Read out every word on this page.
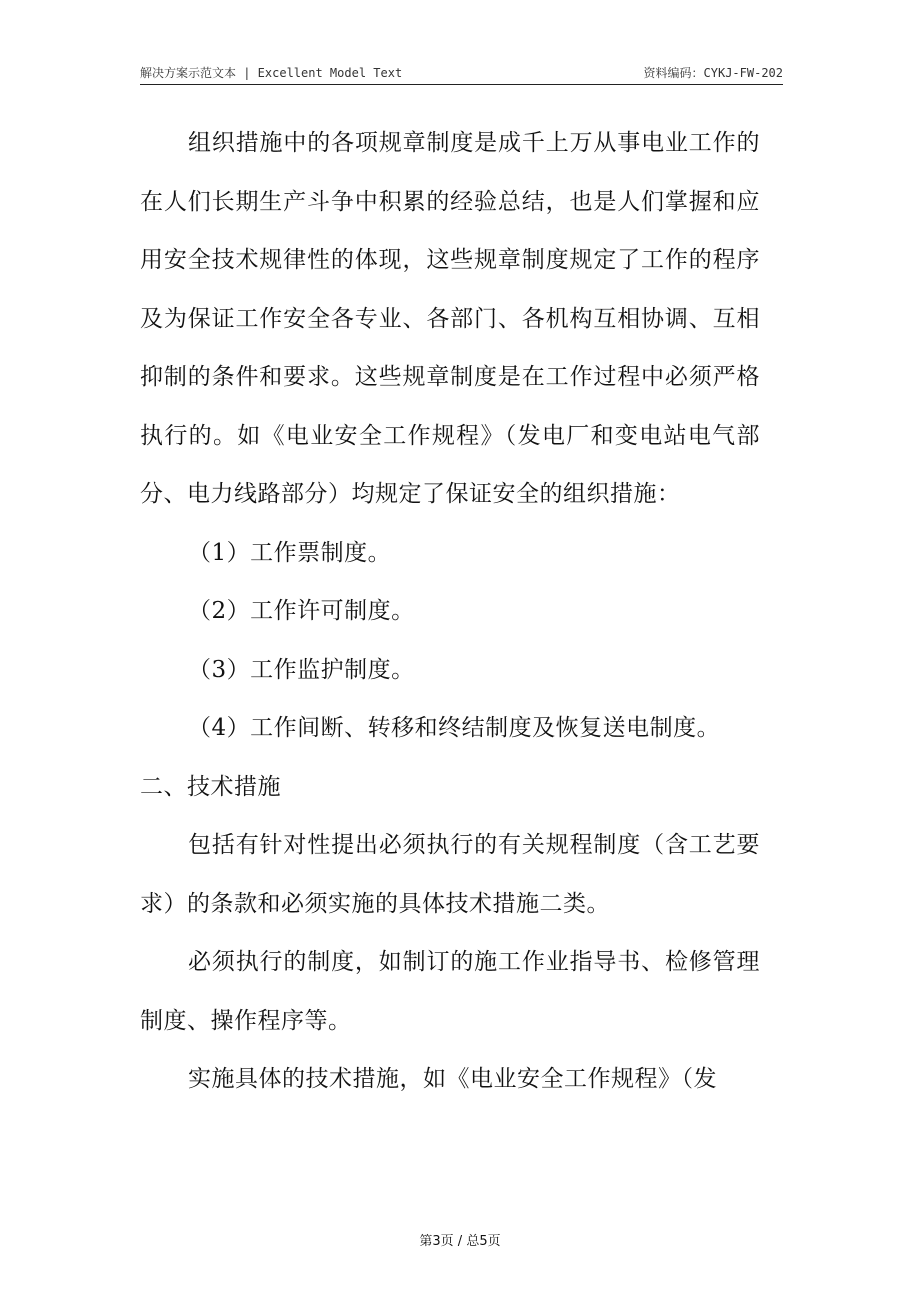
解决方案示范文本 | Excellent Model Text	资料编码：CYKJ-FW-202

组织措施中的各项规章制度是成千上万从事电业工作的在人们长期生产斗争中积累的经验总结，也是人们掌握和应用安全技术规律性的体现，这些规章制度规定了工作的程序及为保证工作安全各专业、各部门、各机构互相协调、互相抑制的条件和要求。这些规章制度是在工作过程中必须严格执行的。如《电业安全工作规程》（发电厂和变电站电气部分、电力线路部分）均规定了保证安全的组织措施：

（1）工作票制度。

（2）工作许可制度。

（3）工作监护制度。

（4）工作间断、转移和终结制度及恢复送电制度。

二、技术措施

包括有针对性提出必须执行的有关规程制度（含工艺要求）的条款和必须实施的具体技术措施二类。

必须执行的制度，如制订的施工作业指导书、检修管理制度、操作程序等。

实施具体的技术措施，如《电业安全工作规程》（发

第3页 / 总5页
